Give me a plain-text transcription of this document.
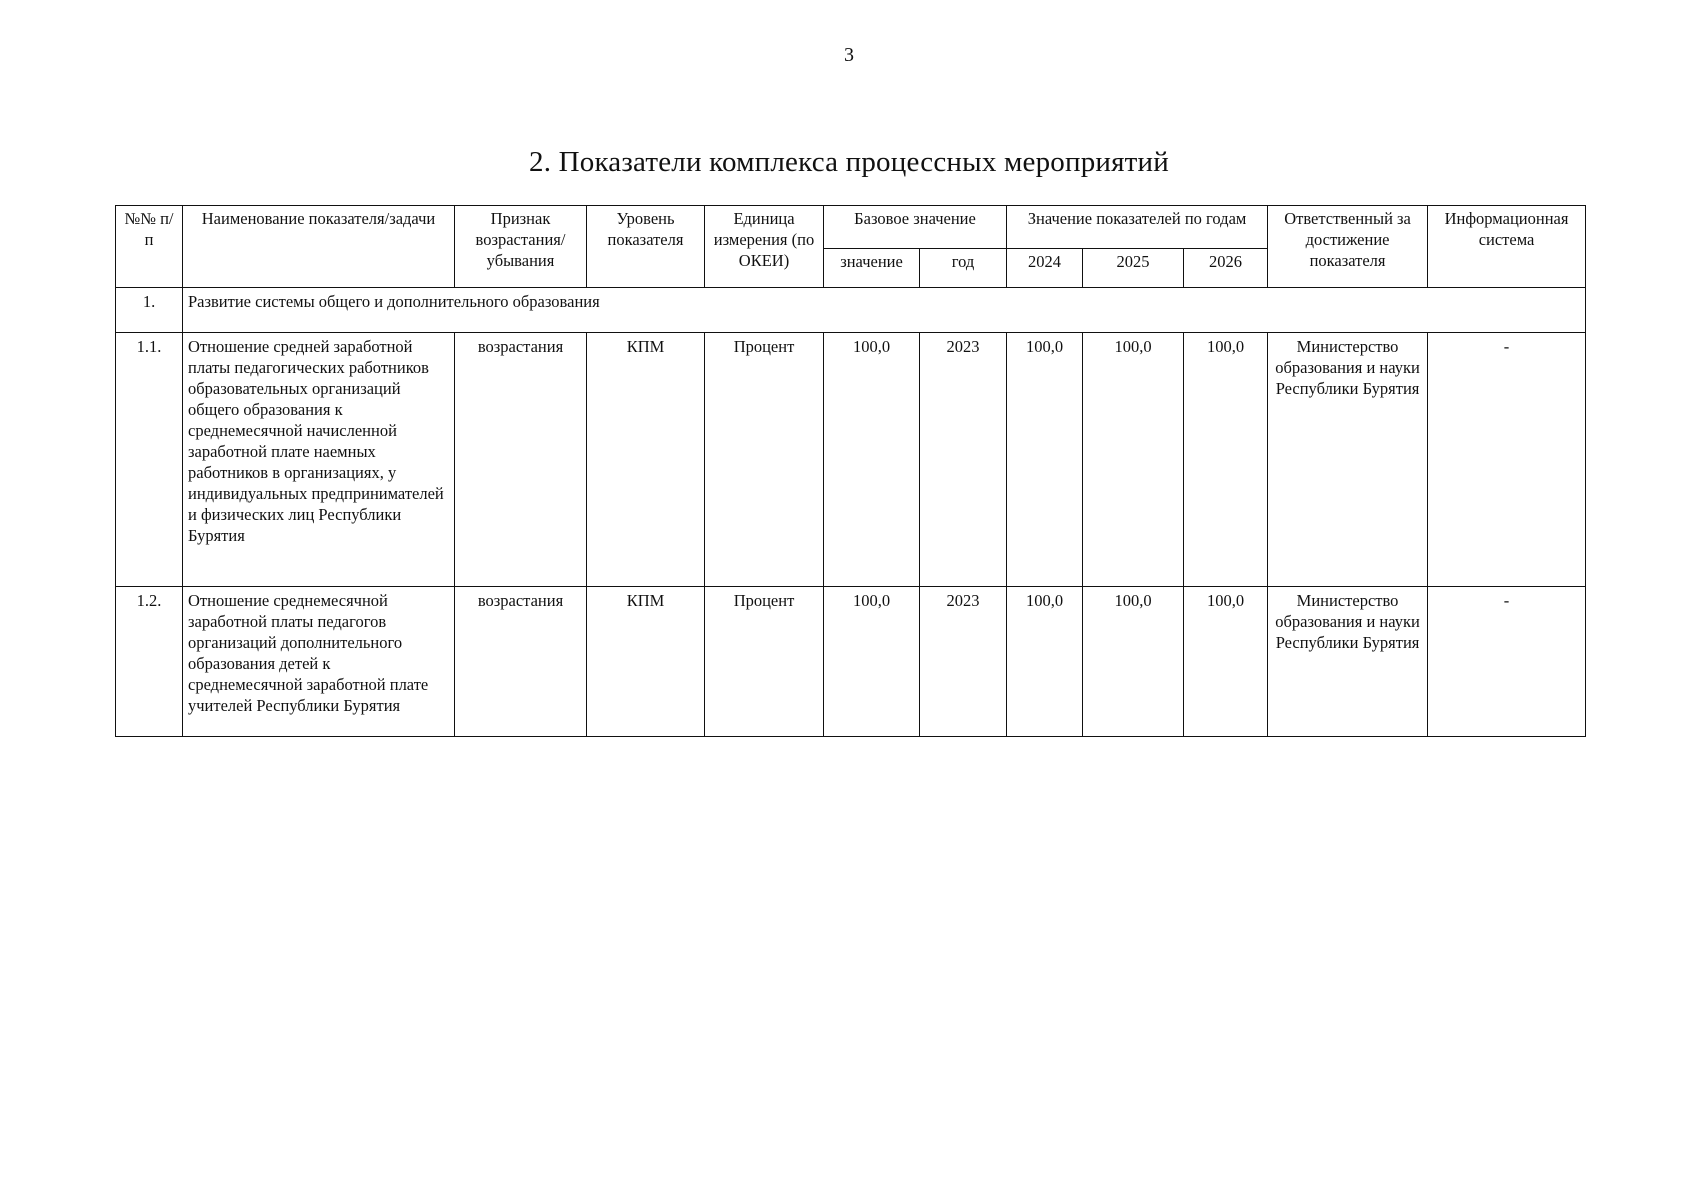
3
2. Показатели комплекса процессных мероприятий
№№ п/п	Наименование показателя/задачи	Признак возрастания/ убывания	Уровень показателя	Единица измерения (по ОКЕИ)	Базовое значение		Значение показателей по годам			Ответственный за достижение показателя	Информационная система
					значение	год	2024	2025	2026		
1.	Развитие системы общего и дополнительного образования										
1.1.	Отношение средней заработной платы педагогических работников образовательных организаций общего образования к среднемесячной начисленной заработной плате наемных работников в организациях, у индивидуальных предпринимателей и физических лиц Республики Бурятия	возрастания	КПМ	Процент	100,0	2023	100,0	100,0	100,0	Министерство образования и науки Республики Бурятия	-
1.2.	Отношение среднемесячной заработной платы педагогов организаций дополнительного образования детей к среднемесячной заработной плате учителей Республики Бурятия	возрастания	КПМ	Процент	100,0	2023	100,0	100,0	100,0	Министерство образования и науки Республики Бурятия	-
